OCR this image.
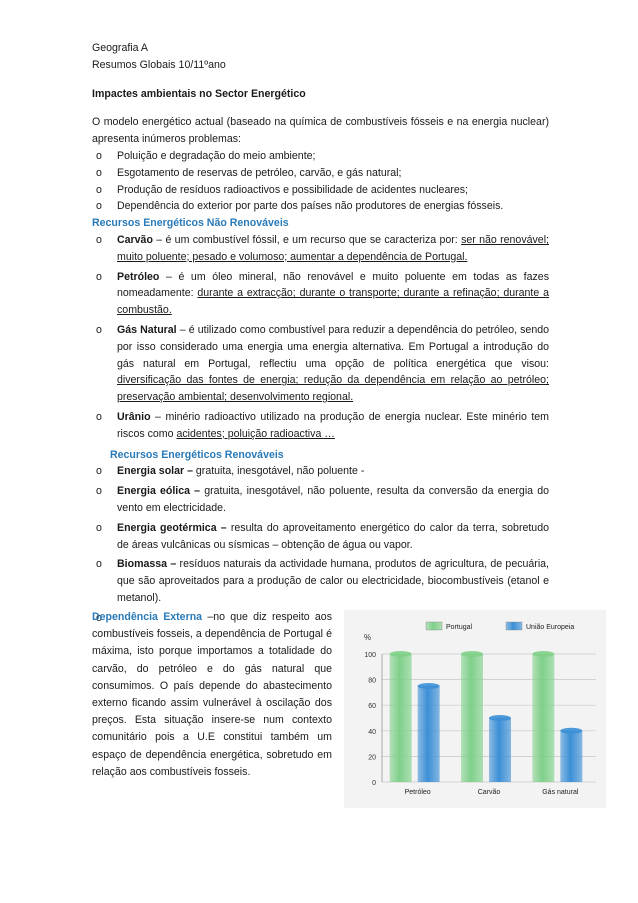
Geografia A
Resumos Globais 10/11ºano
Impactes ambientais no Sector Energético
O modelo energético actual (baseado na química de combustíveis fósseis e na energia nuclear) apresenta inúmeros problemas:
o Poluição e degradação do meio ambiente;
o Esgotamento de reservas de petróleo, carvão, e gás natural;
o Produção de resíduos radioactivos e possibilidade de acidentes nucleares;
o Dependência do exterior por parte dos países não produtores de energias fósseis.
Recursos Energéticos Não Renováveis
o Carvão – é um combustível fóssil, e um recurso que se caracteriza por: ser não renovável; muito poluente; pesado e volumoso; aumentar a dependência de Portugal.
o Petróleo – é um óleo mineral, não renovável e muito poluente em todas as fazes nomeadamente: durante a extracção; durante o transporte; durante a refinação; durante a combustão.
o Gás Natural – é utilizado como combustível para reduzir a dependência do petróleo, sendo por isso considerado uma energia uma energia alternativa. Em Portugal a introdução do gás natural em Portugal, reflectiu uma opção de política energética que visou: diversificação das fontes de energia; redução da dependência em relação ao petróleo; preservação ambiental; desenvolvimento regional.
o Urânio – minério radioactivo utilizado na produção de energia nuclear. Este minério tem riscos como acidentes; poluição radioactiva …
Recursos Energéticos Renováveis
o Energia solar – gratuita, inesgotável, não poluente -
o Energia eólica – gratuita, inesgotável, não poluente, resulta da conversão da energia do vento em electricidade.
o Energia geotérmica – resulta do aproveitamento energético do calor da terra, sobretudo de áreas vulcânicas ou sísmicas – obtenção de água ou vapor.
o Biomassa – resíduos naturais da actividade humana, produtos de agricultura, de pecuária, que são aproveitados para a produção de calor ou electricidade, biocombustíveis (etanol e metanol).
o
Dependência Externa –no que diz respeito aos combustíveis fosseis, a dependência de Portugal é máxima, isto porque importamos a totalidade do carvão, do petróleo e do gás natural que consumimos. O país depende do abastecimento externo ficando assim vulnerável à oscilação dos preços. Esta situação insere-se num contexto comunitário pois a U.E constitui também um espaço de dependência energética, sobretudo em relação aos combustíveis fosseis.
%
0
20
40
60
80
100
Portugal	União Europeia
Petróleo	Carvão	Gás natural
